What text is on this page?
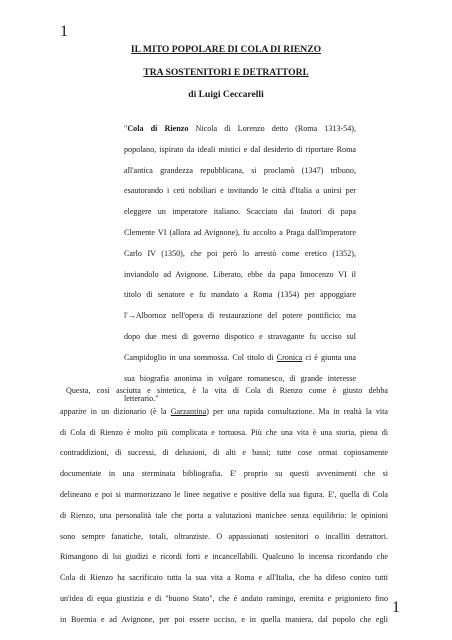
1
IL MITO POPOLARE DI COLA DI RIENZO
TRA SOSTENITORI E DETRATTORI.
di Luigi Ceccarelli
"Cola di Rienzo Nicola di Lorenzo detto (Roma 1313-54),
popolano, ispirato da ideali mistici e dal desiderio di riportare Roma
all'antica grandezza repubblicana, si proclamò (1347) tribuno,
esautorando i ceti nobiliari e invitando le città d'Italia a unirsi per
eleggere un imperatore italiano. Scacciato dai fautori di papa
Clemente VI (allora ad Avignone), fu accolto a Praga dall'imperatore
Carlo IV (1350), che poi però lo arrestò come eretico (1352),
inviandolo ad Avignone. Liberato, ebbe da papa Innocenzo VI il
titolo di senatore e fu mandato a Roma (1354) per appoggiare
l'→Albornoz nell'opera di restaurazione del potere pontificio; ma
dopo due mesi di governo dispotico e stravagante fu ucciso sul
Campidoglio in una sommossa. Col titolo di Cronica ci è giunta una
sua biografia anonima in volgare romanesco, di grande interesse
letterario."
Questa, così asciutta e sintetica, è la vita di Cola di Rienzo come è giusto debba
apparire in un dizionario (è la Garzantina) per una rapida consultazione. Ma in realtà la vita
di Cola di Rienzo è molto più complicata e tortuosa. Più che una vita è una storia, piena di
contraddizioni, di successi, di delusioni, di alti e bassi; tutte cose ormai copiosamente
documentate in una sterminata bibliografia. E' proprio su questi avvenimenti che si
delineano e poi si marmorizzano le linee negative e positive della sua figura. E', quella di Cola
di Rienzo, una personalità tale che porta a valutazioni manichee senza equilibrio: le opinioni
sono sempre fanatiche, totali, oltranziste. O appassionati sostenitori o incalliti detrattori.
Rimangono di lui giudizi e ricordi forti e incancellabili. Qualcuno lo incensa ricordando che
Cola di Rienzo ha sacrificato tutta la sua vita a Roma e all'Italia, che ha difeso contro tutti
un'idea di equa giustizia e di "buono Stato", che è andato ramingo, eremita e prigioniero fino
in Boemia e ad Avignone, per poi essere ucciso, e in quella maniera, dal popolo che egli
1
